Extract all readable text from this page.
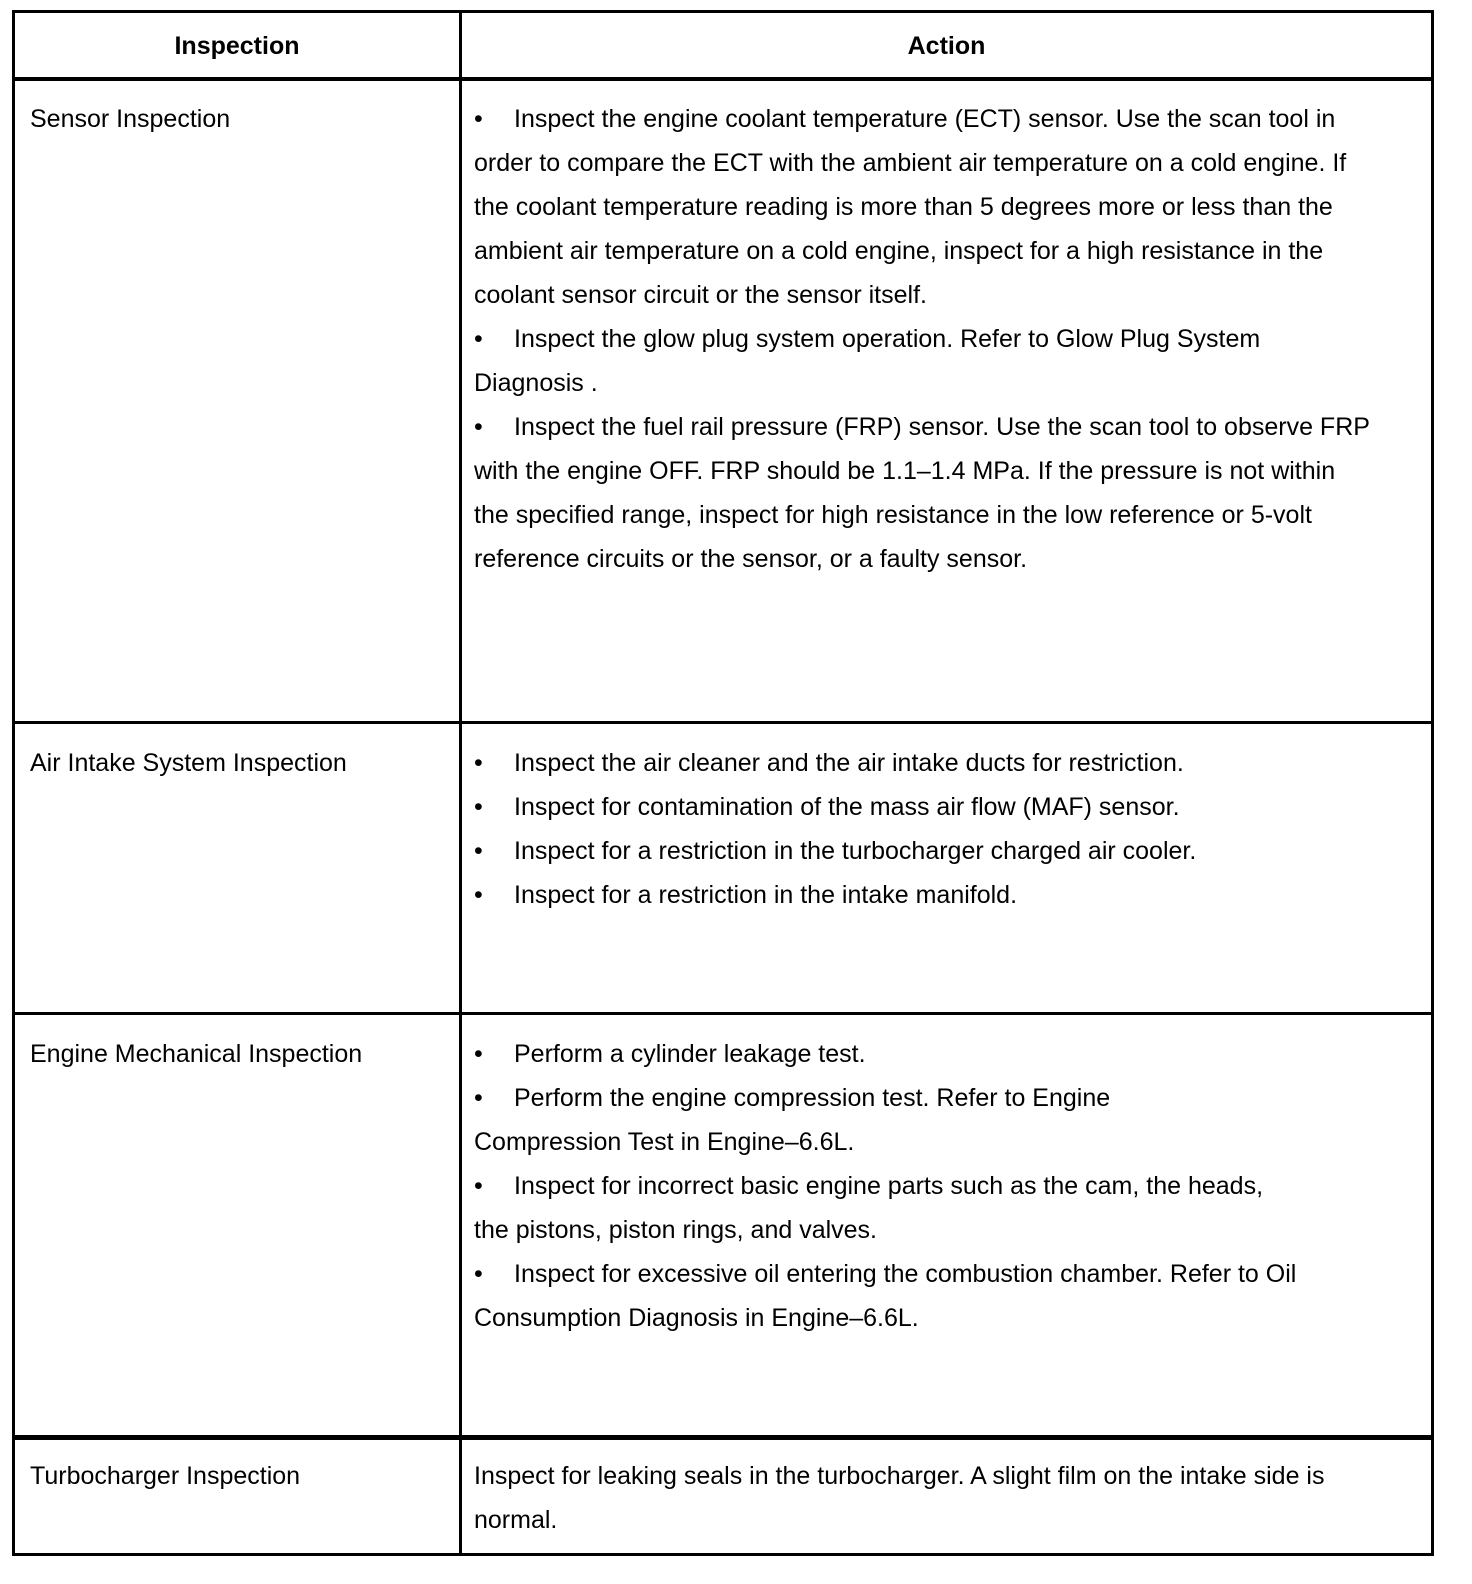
Inspection	Action
Sensor Inspection	• Inspect the engine coolant temperature (ECT) sensor. Use the scan tool in order to compare the ECT with the ambient air temperature on a cold engine. If the coolant temperature reading is more than 5 degrees more or less than the ambient air temperature on a cold engine, inspect for a high resistance in the coolant sensor circuit or the sensor itself.

• Inspect the glow plug system operation. Refer to Glow Plug System Diagnosis .

• Inspect the fuel rail pressure (FRP) sensor. Use the scan tool to observe FRP with the engine OFF. FRP should be 1.1–1.4 MPa. If the pressure is not within the specified range, inspect for high resistance in the low reference or 5-volt reference circuits or the sensor, or a faulty sensor.

Air Intake System Inspection	• Inspect the air cleaner and the air intake ducts for restriction.

• Inspect for contamination of the mass air flow (MAF) sensor.

• Inspect for a restriction in the turbocharger charged air cooler.

• Inspect for a restriction in the intake manifold.

Engine Mechanical Inspection	• Perform a cylinder leakage test.

• Perform the engine compression test. Refer to Engine Compression Test in Engine–6.6L.

• Inspect for incorrect basic engine parts such as the cam, the heads, the pistons, piston rings, and valves.

• Inspect for excessive oil entering the combustion chamber. Refer to Oil Consumption Diagnosis in Engine–6.6L.

Turbocharger Inspection	Inspect for leaking seals in the turbocharger. A slight film on the intake side is normal.
